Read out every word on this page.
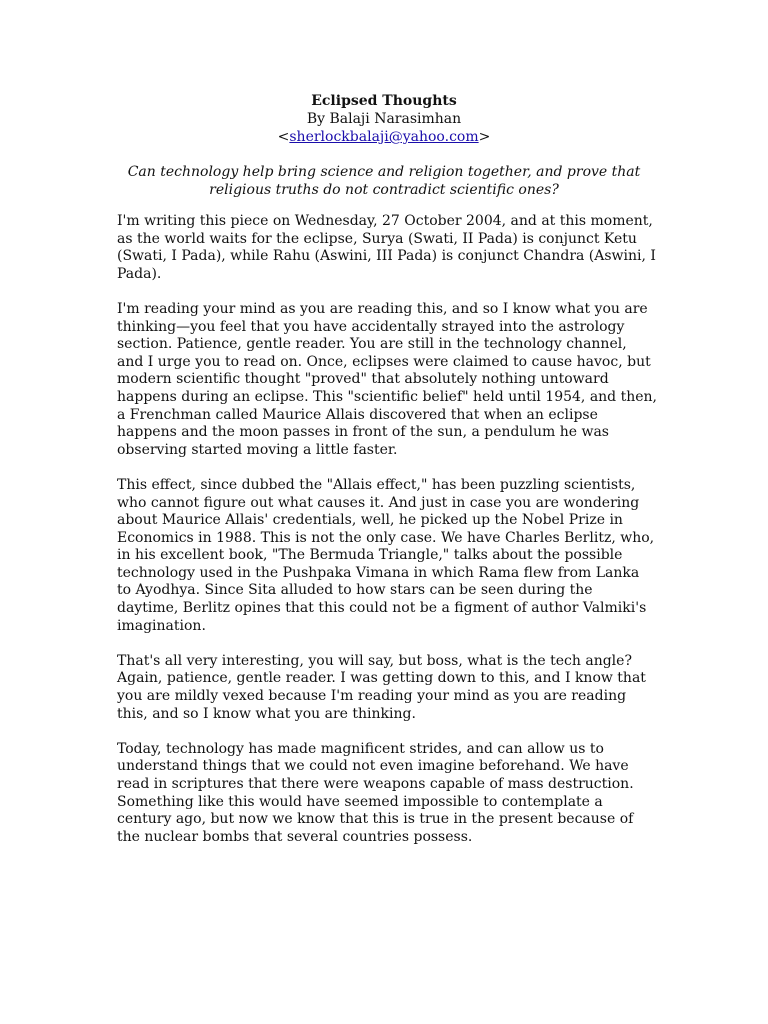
Eclipsed Thoughts
By Balaji Narasimhan
<sherlockbalaji@yahoo.com>
Can technology help bring science and religion together, and prove that religious truths do not contradict scientific ones?

I'm writing this piece on Wednesday, 27 October 2004, and at this moment, as the world waits for the eclipse, Surya (Swati, II Pada) is conjunct Ketu (Swati, I Pada), while Rahu (Aswini, III Pada) is conjunct Chandra (Aswini, I Pada).

I'm reading your mind as you are reading this, and so I know what you are thinking—you feel that you have accidentally strayed into the astrology section. Patience, gentle reader. You are still in the technology channel, and I urge you to read on. Once, eclipses were claimed to cause havoc, but modern scientific thought "proved" that absolutely nothing untoward happens during an eclipse. This "scientific belief" held until 1954, and then, a Frenchman called Maurice Allais discovered that when an eclipse happens and the moon passes in front of the sun, a pendulum he was observing started moving a little faster.

This effect, since dubbed the "Allais effect," has been puzzling scientists, who cannot figure out what causes it. And just in case you are wondering about Maurice Allais' credentials, well, he picked up the Nobel Prize in Economics in 1988. This is not the only case. We have Charles Berlitz, who, in his excellent book, "The Bermuda Triangle," talks about the possible technology used in the Pushpaka Vimana in which Rama flew from Lanka to Ayodhya. Since Sita alluded to how stars can be seen during the daytime, Berlitz opines that this could not be a figment of author Valmiki's imagination.

That's all very interesting, you will say, but boss, what is the tech angle? Again, patience, gentle reader. I was getting down to this, and I know that you are mildly vexed because I'm reading your mind as you are reading this, and so I know what you are thinking.

Today, technology has made magnificent strides, and can allow us to understand things that we could not even imagine beforehand. We have read in scriptures that there were weapons capable of mass destruction. Something like this would have seemed impossible to contemplate a century ago, but now we know that this is true in the present because of the nuclear bombs that several countries possess.
